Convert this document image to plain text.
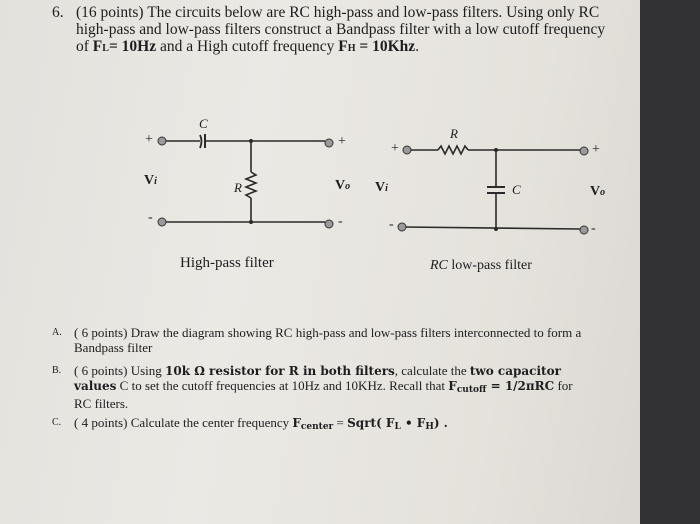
6. (16 points) The circuits below are RC high-pass and low-pass filters. Using only RC high-pass and low-pass filters construct a Bandpass filter with a low cutoff frequency of FL= 10Hz and a High cutoff frequency FH = 10Khz.
+
-
+
-
C
R
Vi	Vo
High-pass filter
+
-
+
-
R
C
Vi	Vo
RC low-pass filter
A. ( 6 points) Draw the diagram showing RC high-pass and low-pass filters interconnected to form a Bandpass filter
B. ( 6 points) Using 10k Ω resistor for R in both filters, calculate the two capacitor values C to set the cutoff frequencies at 10Hz and 10KHz. Recall that $F_{cutoff} = 1/2\pi RC$ for RC filters.
C. ( 4 points) Calculate the center frequency $F_{center}$ = Sqrt( $F_L$ • $F_H$) .
